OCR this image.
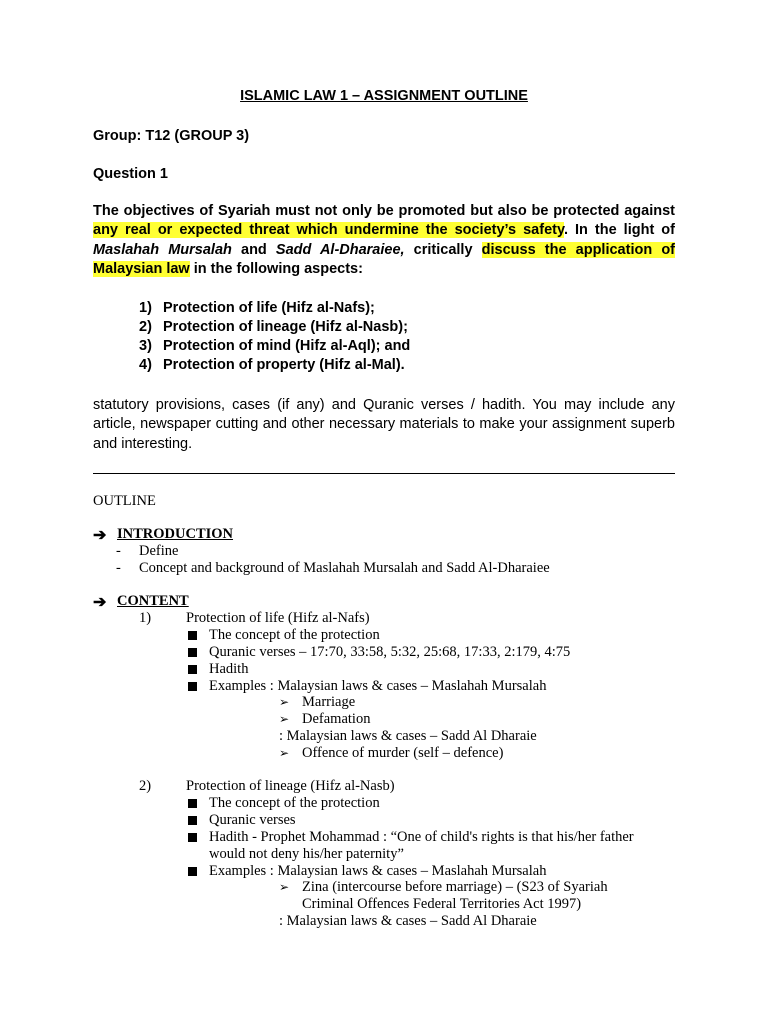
ISLAMIC LAW 1 – ASSIGNMENT OUTLINE
Group: T12 (GROUP 3)
Question 1
The objectives of Syariah must not only be promoted but also be protected against any real or expected threat which undermine the society’s safety. In the light of Maslahah Mursalah and Sadd Al-Dharaiee, critically discuss the application of Malaysian law in the following aspects:
1) Protection of life (Hifz al-Nafs);
2) Protection of lineage (Hifz al-Nasb);
3) Protection of mind (Hifz al-Aql); and
4) Protection of property (Hifz al-Mal).
statutory provisions, cases (if any) and Quranic verses / hadith. You may include any article, newspaper cutting and other necessary materials to make your assignment superb and interesting.
OUTLINE
➔ INTRODUCTION
- Define
- Concept and background of Maslahah Mursalah and Sadd Al-Dharaiee
➔ CONTENT
1) Protection of life (Hifz al-Nafs)
The concept of the protection
Quranic verses – 17:70, 33:58, 5:32, 25:68, 17:33, 2:179, 4:75
Hadith
Examples : Malaysian laws & cases – Maslahah Mursalah
➢ Marriage
➢ Defamation
: Malaysian laws & cases – Sadd Al Dharaie
➢ Offence of murder (self – defence)
2) Protection of lineage (Hifz al-Nasb)
The concept of the protection
Quranic verses
Hadith - Prophet Mohammad : “One of child's rights is that his/her father
would not deny his/her paternity”
Examples : Malaysian laws & cases – Maslahah Mursalah
➢ Zina (intercourse before marriage) – (S23 of Syariah
Criminal Offences Federal Territories Act 1997)
: Malaysian laws & cases – Sadd Al Dharaie
